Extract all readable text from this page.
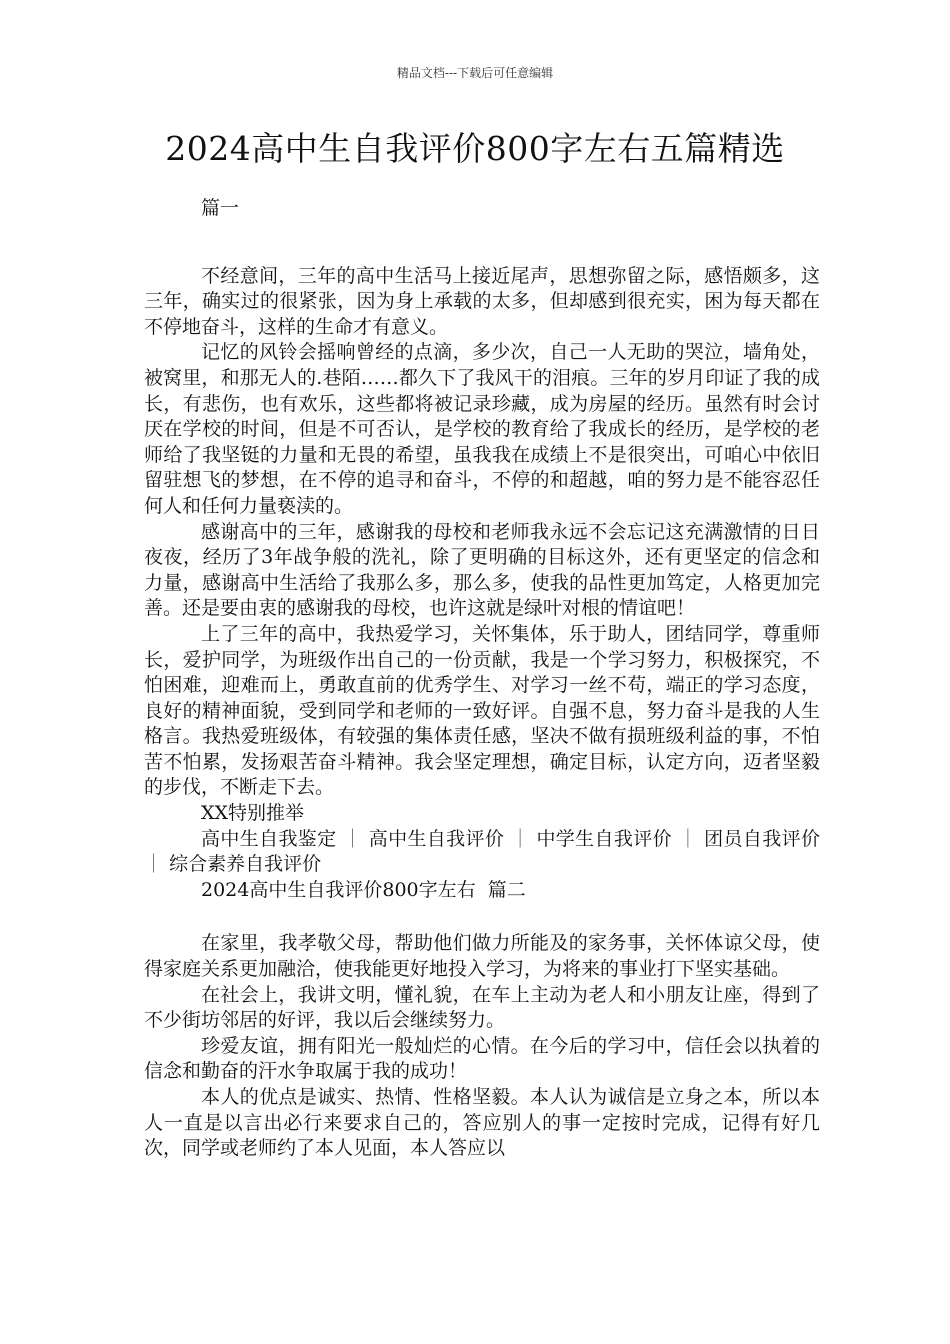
精品文档---下载后可任意编辑
2024高中生自我评价800字左右五篇精选

篇一

不经意间，三年的高中生活马上接近尾声，思想弥留之际，感悟颇多，这三年，确实过的很紧张，因为身上承载的太多，但却感到很充实，困为每天都在不停地奋斗，这样的生命才有意义。

记忆的风铃会摇响曾经的点滴，多少次，自己一人无助的哭泣，墙角处，被窝里，和那无人的.巷陌……都久下了我风干的泪痕。三年的岁月印证了我的成长，有悲伤，也有欢乐，这些都将被记录珍藏，成为房屋的经历。虽然有时会讨厌在学校的时间，但是不可否认，是学校的教育给了我成长的经历，是学校的老师给了我坚铤的力量和无畏的希望，虽我我在成绩上不是很突出，可咱心中依旧留驻想飞的梦想，在不停的追寻和奋斗，不停的和超越，咱的努力是不能容忍任何人和任何力量亵渎的。

感谢高中的三年，感谢我的母校和老师我永远不会忘记这充满激情的日日夜夜，经历了3年战争般的洗礼，除了更明确的目标这外，还有更坚定的信念和力量，感谢高中生活给了我那么多，那么多，使我的品性更加笃定，人格更加完善。还是要由衷的感谢我的母校，也许这就是绿叶对根的情谊吧！

上了三年的高中，我热爱学习，关怀集体，乐于助人，团结同学，尊重师长，爱护同学，为班级作出自己的一份贡献，我是一个学习努力，积极探究，不怕困难，迎难而上，勇敢直前的优秀学生、对学习一丝不苟，端正的学习态度，良好的精神面貌，受到同学和老师的一致好评。自强不息，努力奋斗是我的人生格言。我热爱班级体，有较强的集体责任感，坚决不做有损班级利益的事，不怕苦不怕累，发扬艰苦奋斗精神。我会坚定理想，确定目标，认定方向，迈者坚毅的步伐，不断走下去。

XX特别推举

高中生自我鉴定 ｜ 高中生自我评价 ｜ 中学生自我评价 ｜ 团员自我评价 ｜ 综合素养自我评价

2024高中生自我评价800字左右  篇二

在家里，我孝敬父母，帮助他们做力所能及的家务事，关怀体谅父母，使得家庭关系更加融洽，使我能更好地投入学习，为将来的事业打下坚实基础。

在社会上，我讲文明，懂礼貌，在车上主动为老人和小朋友让座，得到了不少街坊邻居的好评，我以后会继续努力。

珍爱友谊，拥有阳光一般灿烂的心情。在今后的学习中，信任会以执着的信念和勤奋的汗水争取属于我的成功！

本人的优点是诚实、热情、性格坚毅。本人认为诚信是立身之本，所以本人一直是以言出必行来要求自己的，答应别人的事一定按时完成，记得有好几次，同学或老师约了本人见面，本人答应以
